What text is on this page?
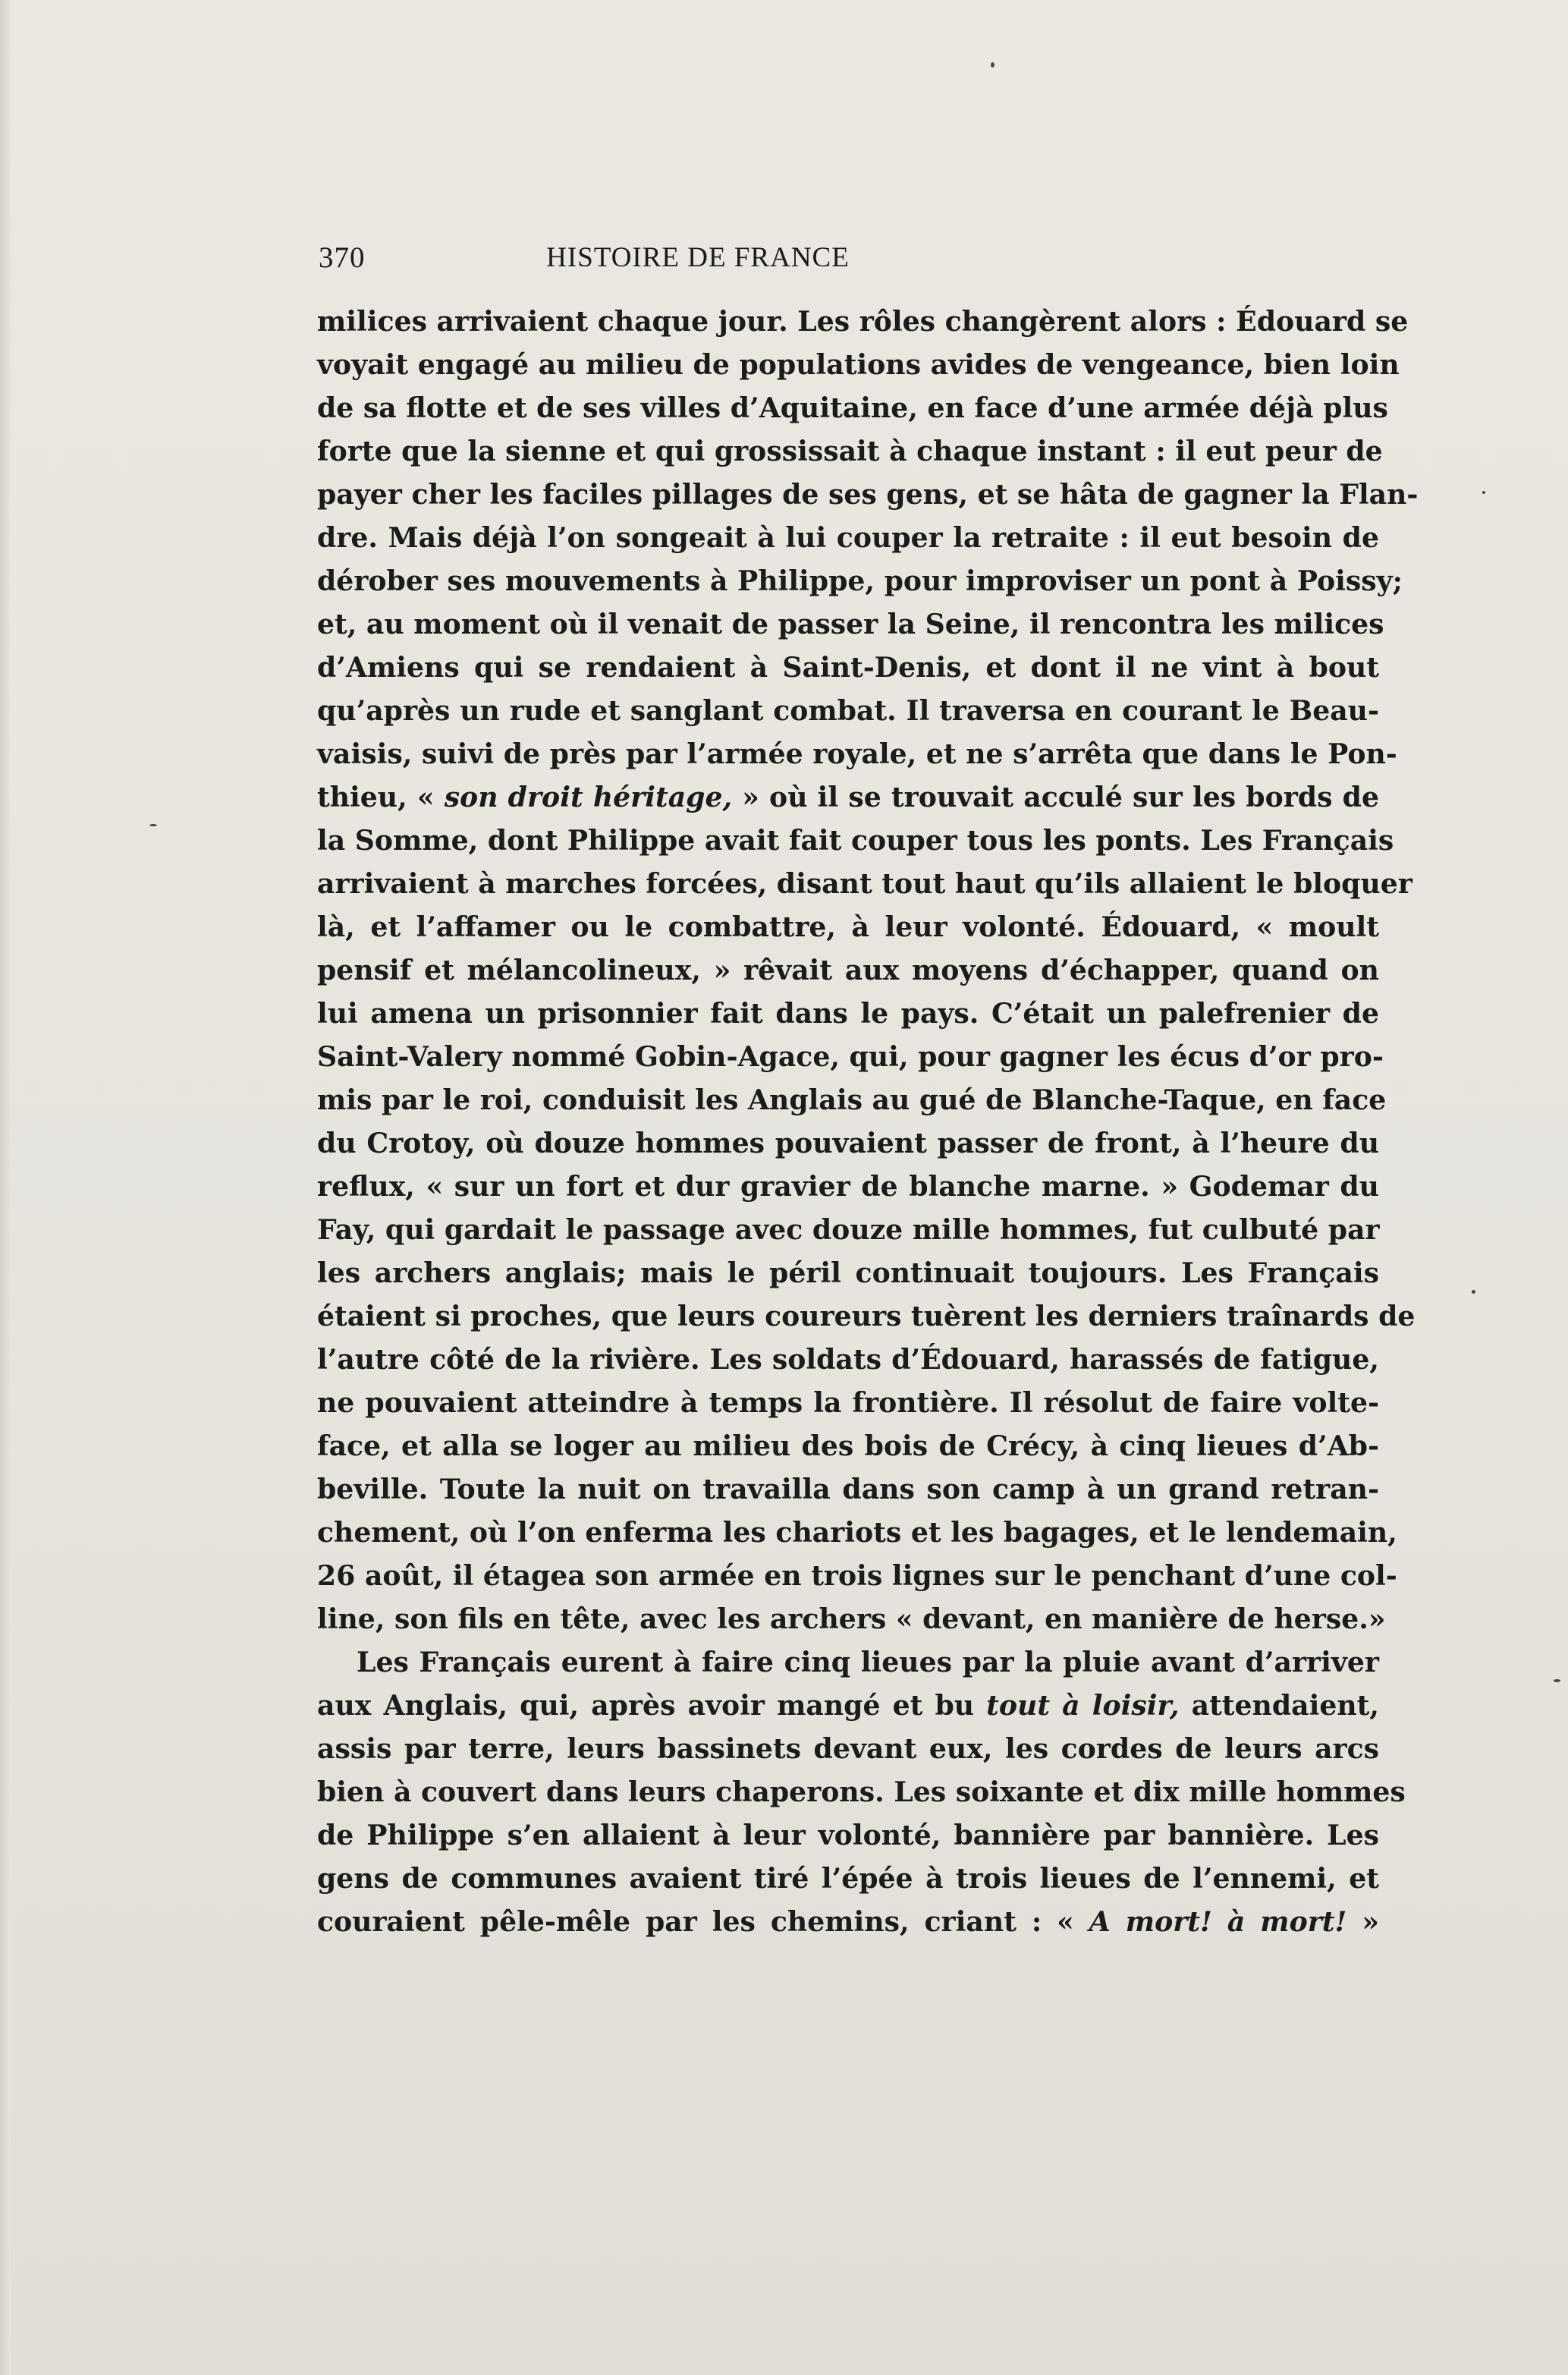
370	HISTOIRE DE FRANCE
milices arrivaient chaque jour. Les rôles changèrent alors : Édouard se
voyait engagé au milieu de populations avides de vengeance, bien loin
de sa flotte et de ses villes d’Aquitaine, en face d’une armée déjà plus
forte que la sienne et qui grossissait à chaque instant : il eut peur de
payer cher les faciles pillages de ses gens, et se hâta de gagner la Flan-
dre. Mais déjà l’on songeait à lui couper la retraite : il eut besoin de
dérober ses mouvements à Philippe, pour improviser un pont à Poissy;
et, au moment où il venait de passer la Seine, il rencontra les milices
d’Amiens qui se rendaient à Saint-Denis, et dont il ne vint à bout
qu’après un rude et sanglant combat. Il traversa en courant le Beau-
vaisis, suivi de près par l’armée royale, et ne s’arrêta que dans le Pon-
thieu, « son droit héritage, » où il se trouvait acculé sur les bords de
la Somme, dont Philippe avait fait couper tous les ponts. Les Français
arrivaient à marches forcées, disant tout haut qu’ils allaient le bloquer
là, et l’affamer ou le combattre, à leur volonté. Édouard, « moult
pensif et mélancolineux, » rêvait aux moyens d’échapper, quand on
lui amena un prisonnier fait dans le pays. C’était un palefrenier de
Saint-Valery nommé Gobin-Agace, qui, pour gagner les écus d’or pro-
mis par le roi, conduisit les Anglais au gué de Blanche-Taque, en face
du Crotoy, où douze hommes pouvaient passer de front, à l’heure du
reflux, « sur un fort et dur gravier de blanche marne. » Godemar du
Fay, qui gardait le passage avec douze mille hommes, fut culbuté par
les archers anglais; mais le péril continuait toujours. Les Français
étaient si proches, que leurs coureurs tuèrent les derniers traînards de
l’autre côté de la rivière. Les soldats d’Édouard, harassés de fatigue,
ne pouvaient atteindre à temps la frontière. Il résolut de faire volte-
face, et alla se loger au milieu des bois de Crécy, à cinq lieues d’Ab-
beville. Toute la nuit on travailla dans son camp à un grand retran-
chement, où l’on enferma les chariots et les bagages, et le lendemain,
26 août, il étagea son armée en trois lignes sur le penchant d’une col-
line, son fils en tête, avec les archers « devant, en manière de herse.»
Les Français eurent à faire cinq lieues par la pluie avant d’arriver
aux Anglais, qui, après avoir mangé et bu tout à loisir, attendaient,
assis par terre, leurs bassinets devant eux, les cordes de leurs arcs
bien à couvert dans leurs chaperons. Les soixante et dix mille hommes
de Philippe s’en allaient à leur volonté, bannière par bannière. Les
gens de communes avaient tiré l’épée à trois lieues de l’ennemi, et
couraient pêle-mêle par les chemins, criant : « A mort! à mort! »
